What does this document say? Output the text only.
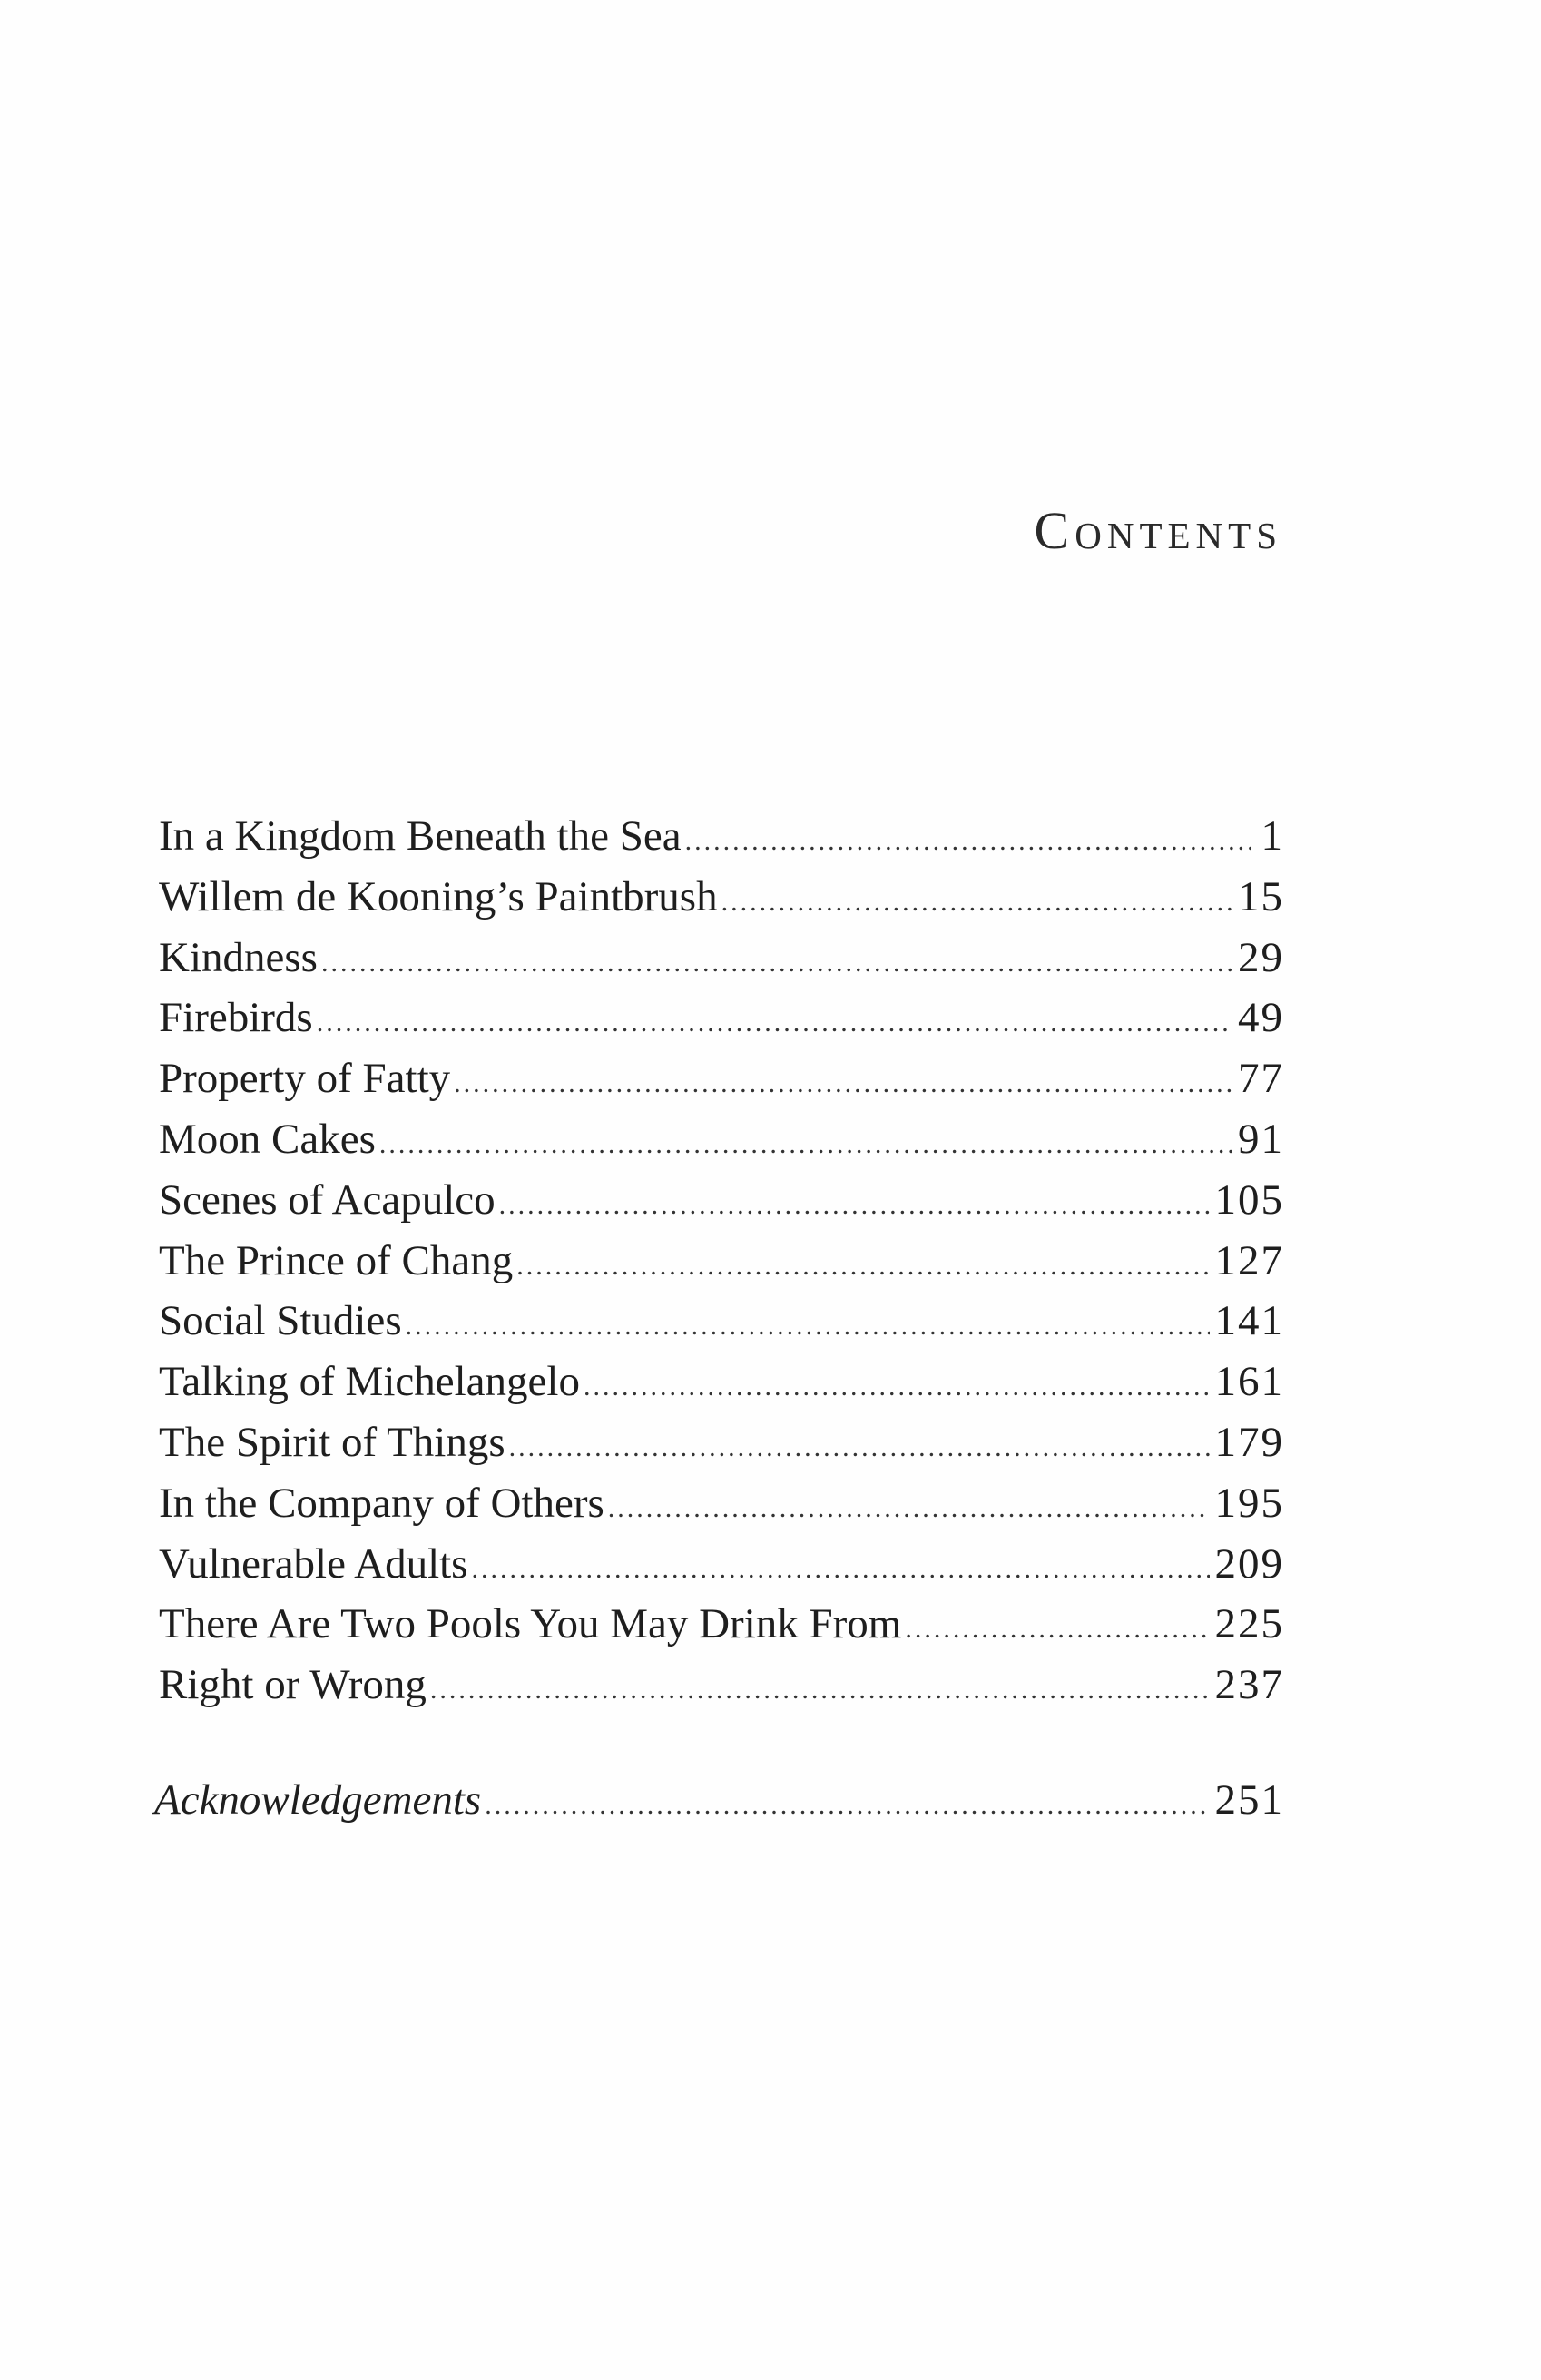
Contents
In a Kingdom Beneath the Sea .....	1
Willem de Kooning’s Paintbrush .....	15
Kindness .....	29
Firebirds .....	49
Property of Fatty .....	77
Moon Cakes .....	91
Scenes of Acapulco .....	105
The Prince of Chang .....	127
Social Studies .....	141
Talking of Michelangelo .....	161
The Spirit of Things .....	179
In the Company of Others .....	195
Vulnerable Adults .....	209
There Are Two Pools You May Drink From .....	225
Right or Wrong .....	237
Acknowledgements .....	251
